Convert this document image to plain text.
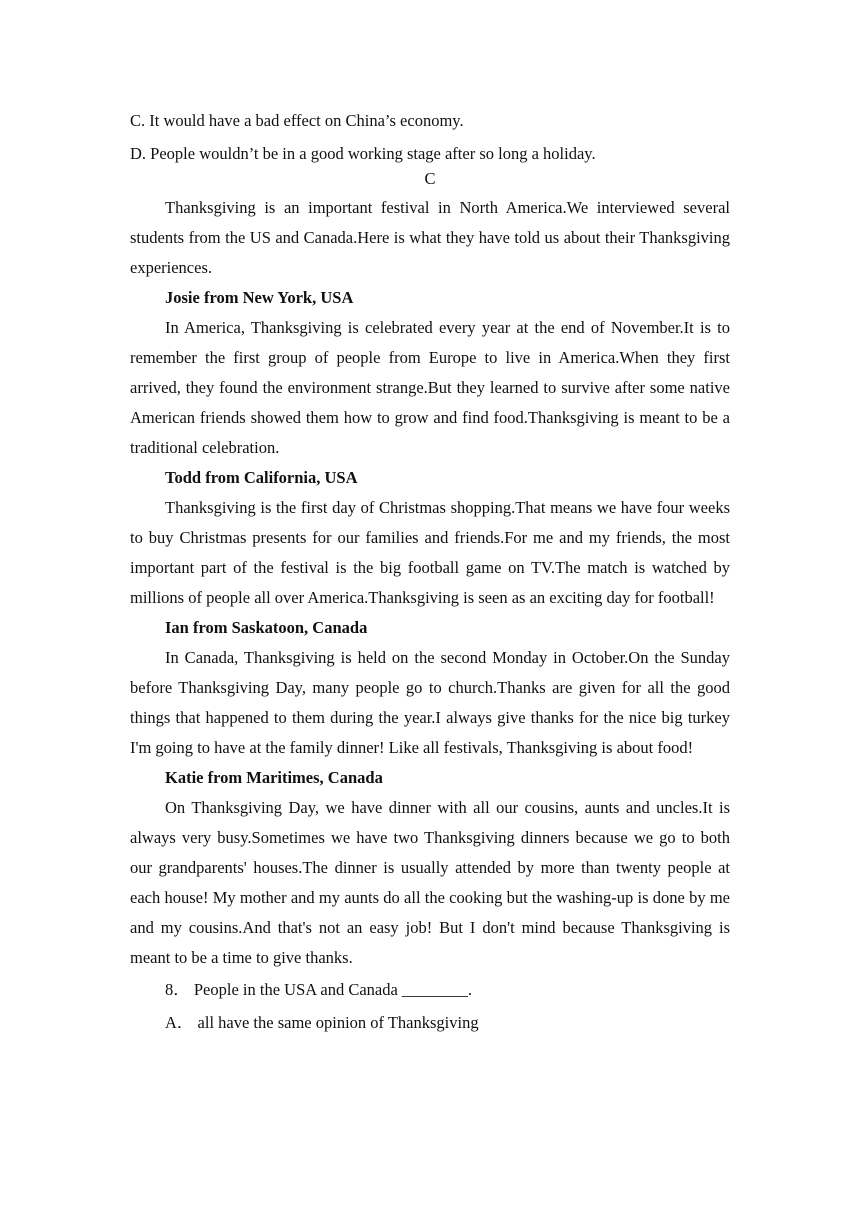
C. It would have a bad effect on China’s economy.

D. People wouldn’t be in a good working stage after so long a holiday.

C

Thanksgiving is an important festival in North America.We interviewed several students from the US and Canada.Here is what they have told us about their Thanksgiving experiences.

Josie from New York, USA

In America, Thanksgiving is celebrated every year at the end of November.It is to remember the first group of people from Europe to live in America.When they first arrived, they found the environment strange.But they learned to survive after some native American friends showed them how to grow and find food.Thanksgiving is meant to be a traditional celebration.

Todd from California, USA

Thanksgiving is the first day of Christmas shopping.That means we have four weeks to buy Christmas presents for our families and friends.For me and my friends, the most important part of the festival is the big football game on TV.The match is watched by millions of people all over America.Thanksgiving is seen as an exciting day for football!

Ian from Saskatoon, Canada

In Canada, Thanksgiving is held on the second Monday in October.On the Sunday before Thanksgiving Day, many people go to church.Thanks are given for all the good things that happened to them during the year.I always give thanks for the nice big turkey I'm going to have at the family dinner! Like all festivals, Thanksgiving is about food!

Katie from Maritimes, Canada

On Thanksgiving Day, we have dinner with all our cousins, aunts and uncles.It is always very busy.Sometimes we have two Thanksgiving dinners because we go to both our grandparents' houses.The dinner is usually attended by more than twenty people at each house! My mother and my aunts do all the cooking but the washing-up is done by me and my cousins.And that's not an easy job! But I don't mind because Thanksgiving is meant to be a time to give thanks.

8． People in the USA and Canada ________.

A． all have the same opinion of Thanksgiving
